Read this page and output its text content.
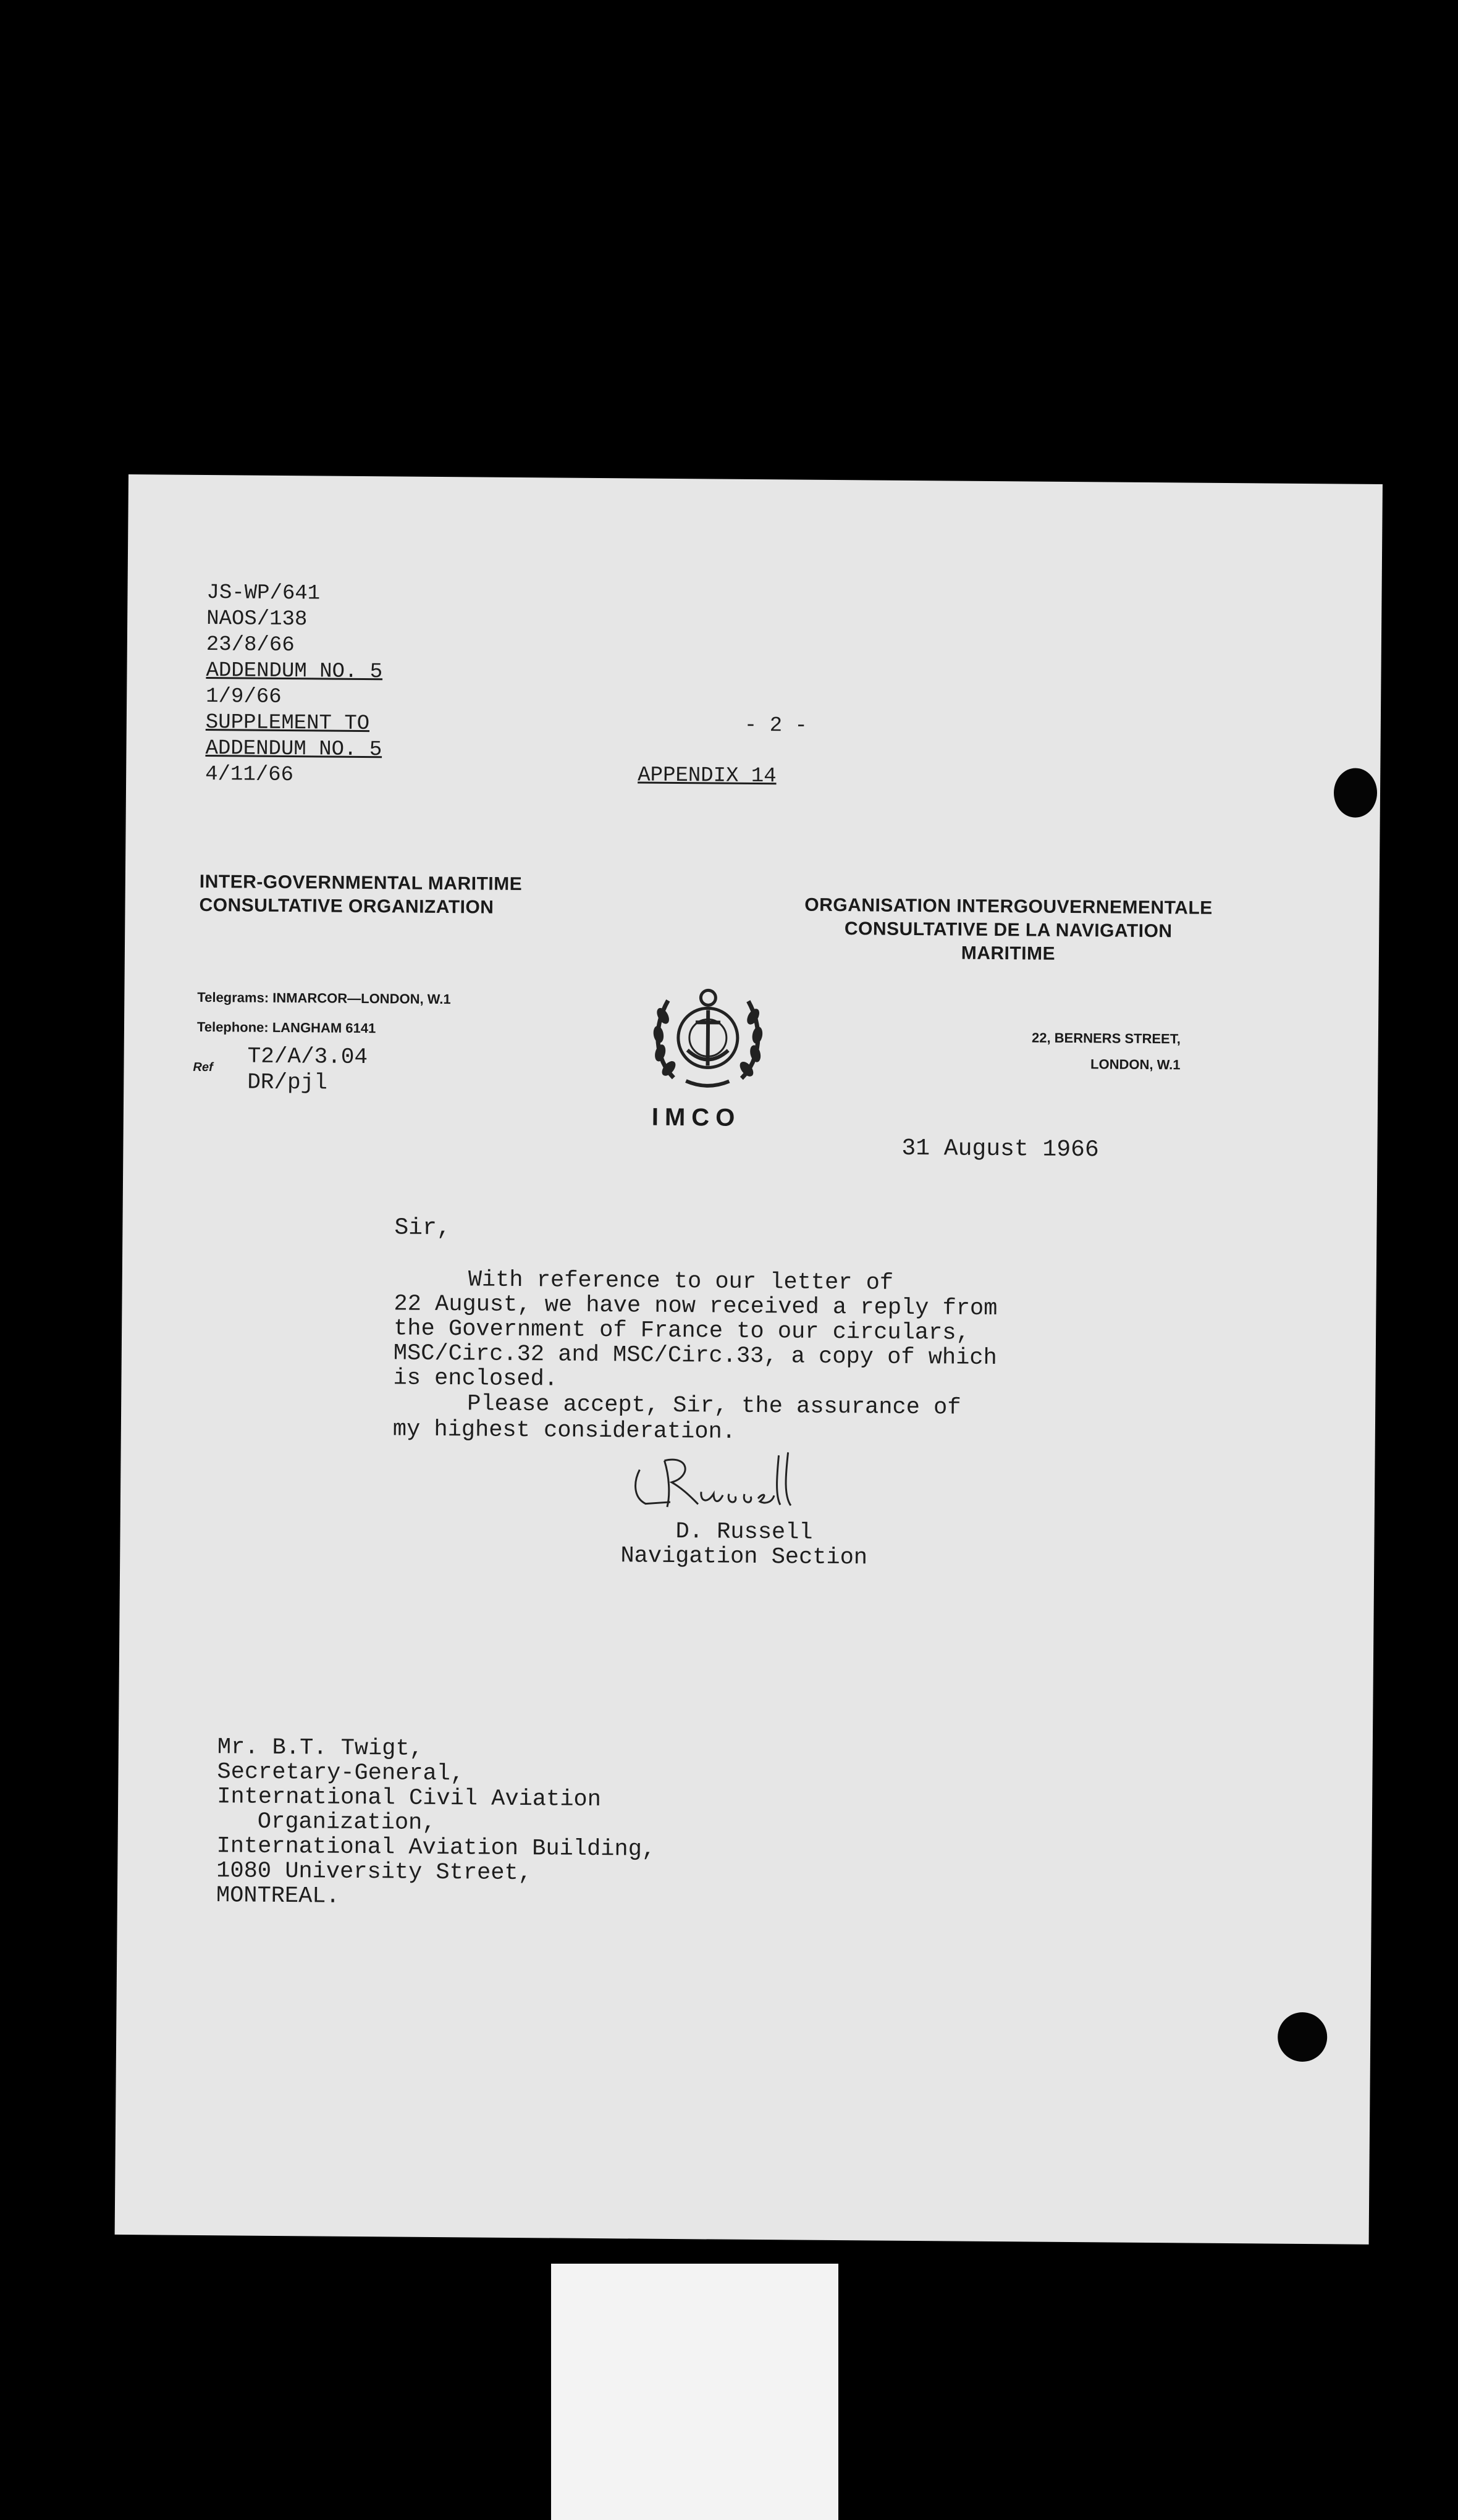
JS-WP/641
NAOS/138
23/8/66
ADDENDUM NO. 5
1/9/66
SUPPLEMENT TO
ADDENDUM NO. 5
4/11/66
- 2 -
APPENDIX 14
INTER-GOVERNMENTAL MARITIME
CONSULTATIVE ORGANIZATION	ORGANISATION INTERGOUVERNEMENTALE
CONSULTATIVE DE LA NAVIGATION
MARITIME
Telegrams: INMARCOR—LONDON, W.1
Telephone: LANGHAM 6141
22, BERNERS STREET,
LONDON, W.1
Ref T2/A/3.04
DR/pjl
IMCO
31 August 1966
Sir,
With reference to our letter of
22 August, we have now received a reply from
the Government of France to our circulars,
MSC/Circ.32 and MSC/Circ.33, a copy of which
is enclosed.
Please accept, Sir, the assurance of
my highest consideration.
D. Russell
Navigation Section
Mr. B.T. Twigt,
Secretary-General,
International Civil Aviation
Organization,
International Aviation Building,
1080 University Street,
MONTREAL.
